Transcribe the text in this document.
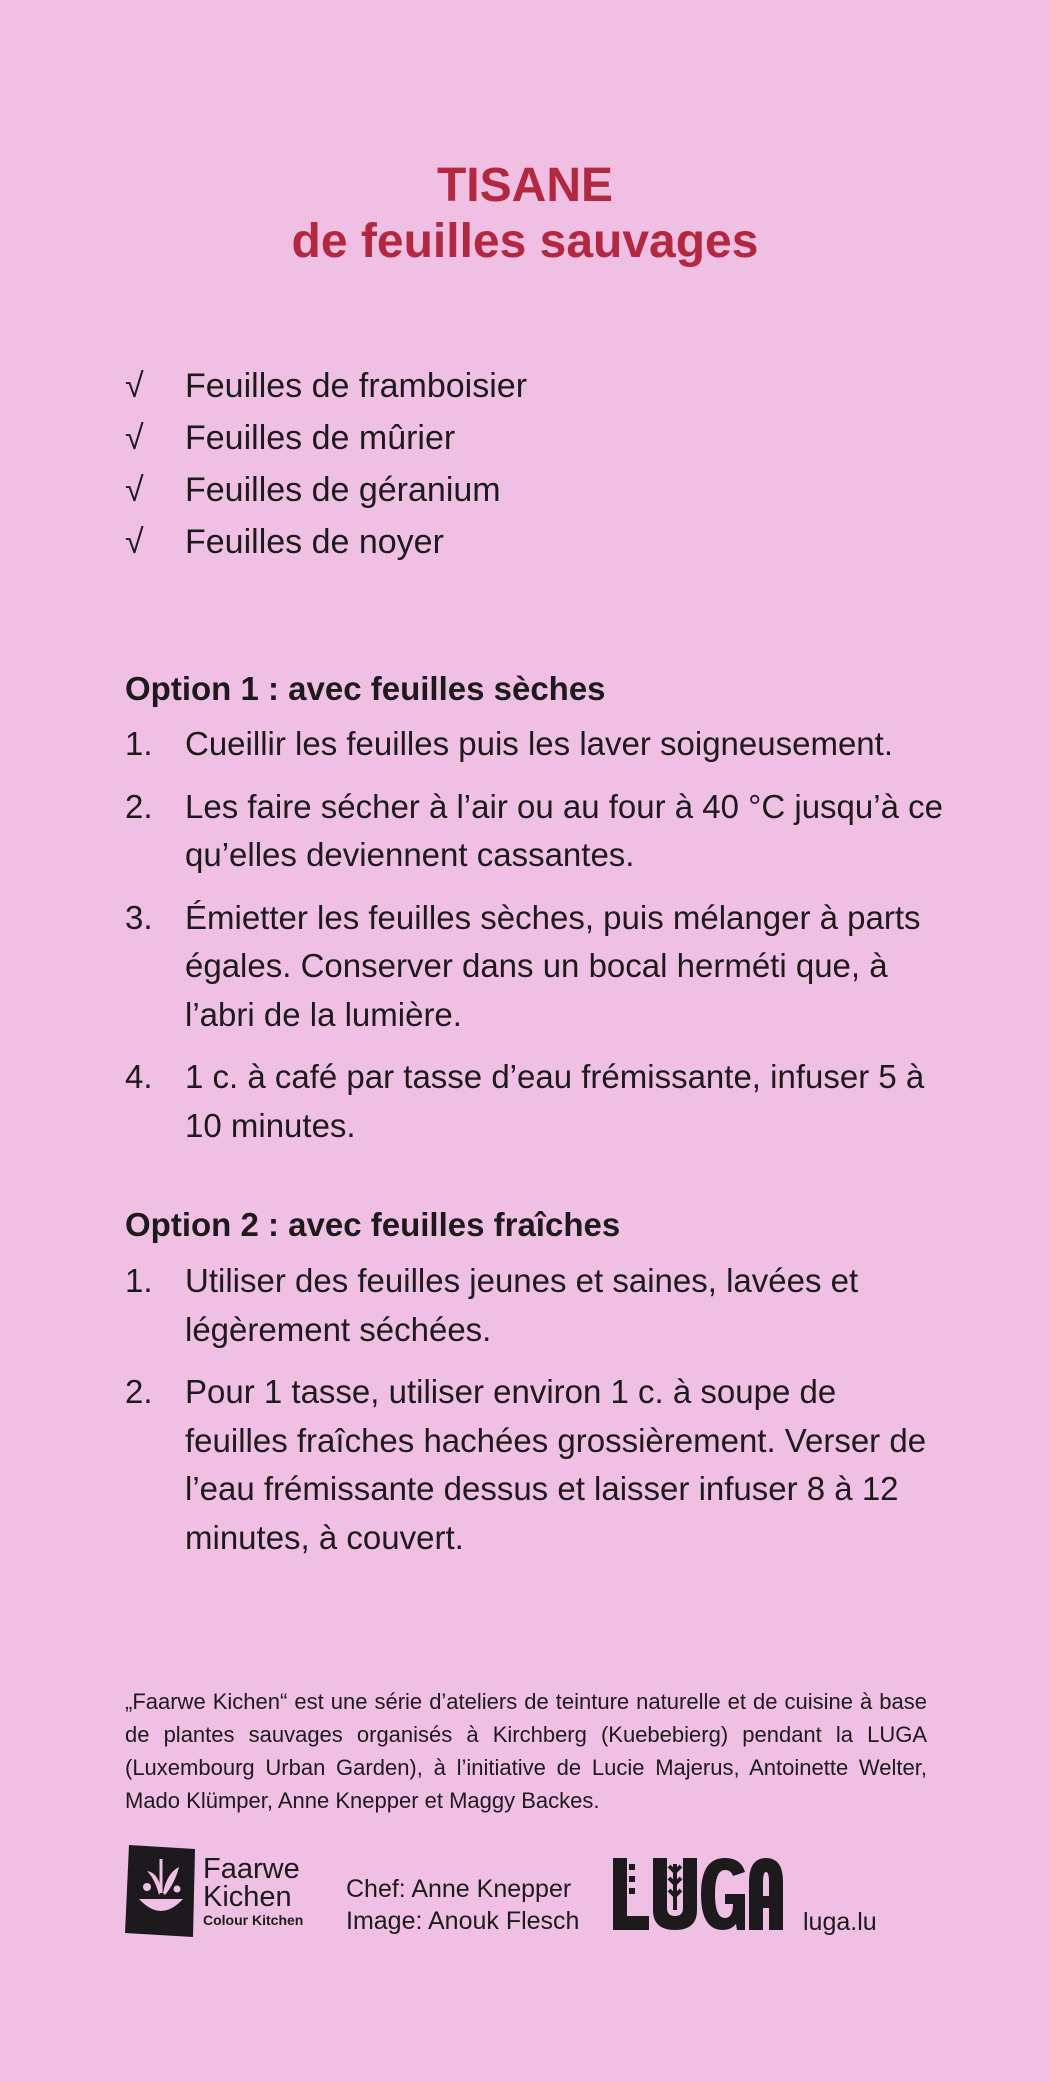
TISANE
de feuilles sauvages
√	Feuilles de framboisier
√	Feuilles de mûrier
√	Feuilles de géranium
√	Feuilles de noyer
Option 1 : avec feuilles sèches
1. Cueillir les feuilles puis les laver soigneusement.
2. Les faire sécher à l’air ou au four à 40 °C jusqu’à ce qu’elles deviennent cassantes.
3. Émietter les feuilles sèches, puis mélanger à parts égales. Conserver dans un bocal herméti que, à l’abri de la lumière.
4. 1 c. à café par tasse d’eau frémissante, infuser 5 à 10 minutes.
Option 2 : avec feuilles fraîches
1. Utiliser des feuilles jeunes et saines, lavées et légèrement séchées.
2. Pour 1 tasse, utiliser environ 1 c. à soupe de feuilles fraîches hachées grossièrement. Verser de l’eau frémissante dessus et laisser infuser 8 à 12 minutes, à couvert.

„Faarwe Kichen“ est une série d’ateliers de teinture naturelle et de cuisine à base de plantes sauvages organisés à Kirchberg (Kuebebierg) pendant la LUGA (Luxembourg Urban Garden), à l’initiative de Lucie Majerus, Antoinette Welter, Mado Klümper, Anne Knepper et Maggy Backes.

Faarwe
Kichen
Colour Kitchen
Chef: Anne Knepper
Image: Anouk Flesch	luga.lu
